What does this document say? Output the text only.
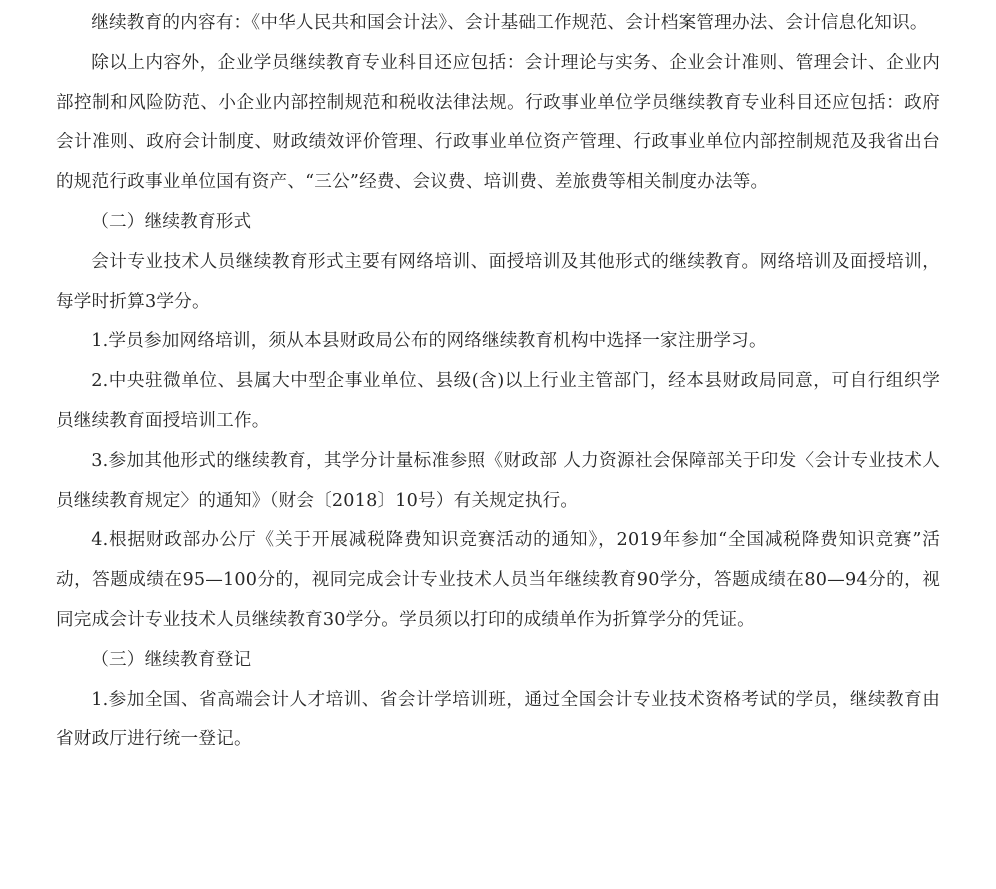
继续教育的内容有：《中华人民共和国会计法》、会计基础工作规范、会计档案管理办法、会计信息化知识。

除以上内容外，企业学员继续教育专业科目还应包括：会计理论与实务、企业会计准则、管理会计、企业内部控制和风险防范、小企业内部控制规范和税收法律法规。行政事业单位学员继续教育专业科目还应包括：政府会计准则、政府会计制度、财政绩效评价管理、行政事业单位资产管理、行政事业单位内部控制规范及我省出台的规范行政事业单位国有资产、“三公”经费、会议费、培训费、差旅费等相关制度办法等。

（二）继续教育形式

会计专业技术人员继续教育形式主要有网络培训、面授培训及其他形式的继续教育。网络培训及面授培训，每学时折算3学分。

1.学员参加网络培训，须从本县财政局公布的网络继续教育机构中选择一家注册学习。

2.中央驻微单位、县属大中型企事业单位、县级(含)以上行业主管部门，经本县财政局同意，可自行组织学员继续教育面授培训工作。

3.参加其他形式的继续教育，其学分计量标准参照《财政部 人力资源社会保障部关于印发〈会计专业技术人员继续教育规定〉的通知》（财会〔2018〕10号）有关规定执行。

4.根据财政部办公厅《关于开展减税降费知识竞赛活动的通知》，2019年参加“全国减税降费知识竞赛”活动，答题成绩在95—100分的，视同完成会计专业技术人员当年继续教育90学分，答题成绩在80—94分的，视同完成会计专业技术人员继续教育30学分。学员须以打印的成绩单作为折算学分的凭证。

（三）继续教育登记

1.参加全国、省高端会计人才培训、省会计学培训班，通过全国会计专业技术资格考试的学员，继续教育由省财政厅进行统一登记。
